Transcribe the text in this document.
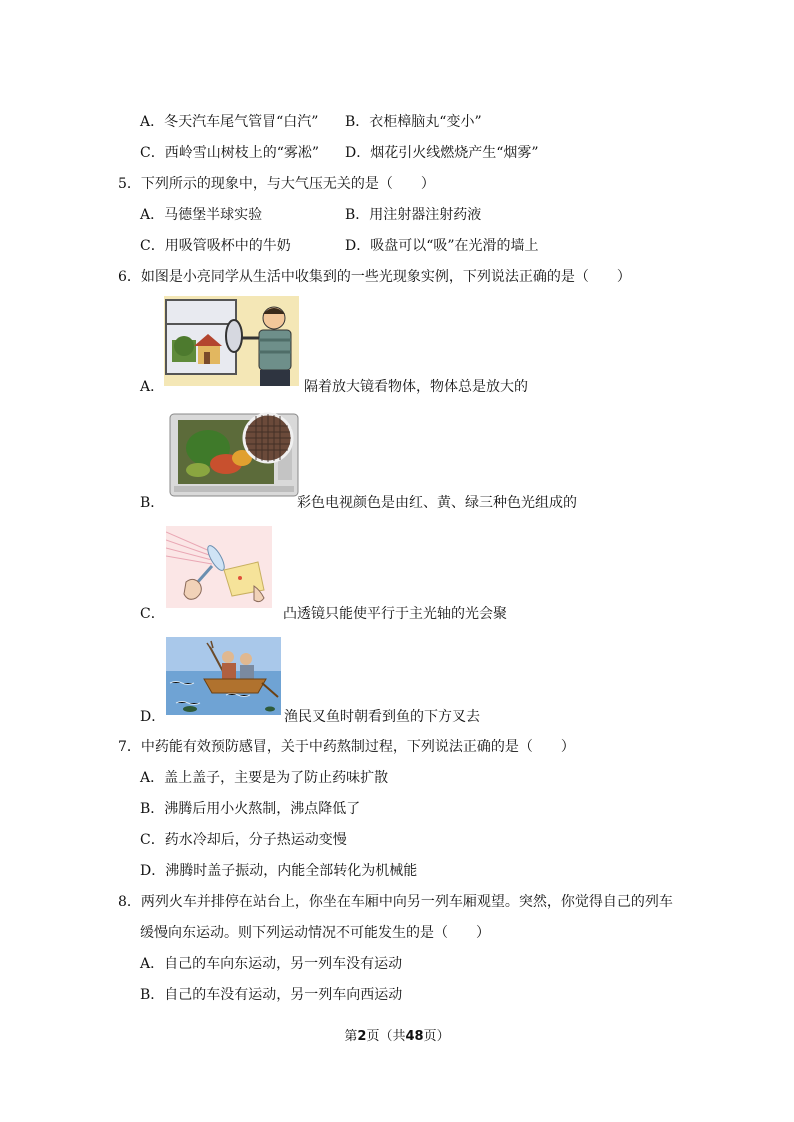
A．冬天汽车尾气管冒“白汽” B．衣柜樟脑丸“变小”
C．西岭雪山树枝上的“雾凇” D．烟花引火线燃烧产生“烟雾”
5．下列所示的现象中，与大气压无关的是（　　）
A．马德堡半球实验	B．用注射器注射药液
C．用吸管吸杯中的牛奶	D．吸盘可以“吸”在光滑的墙上
6．如图是小亮同学从生活中收集到的一些光现象实例，下列说法正确的是（　　）
A．	隔着放大镜看物体，物体总是放大的
B．	彩色电视颜色是由红、黄、绿三种色光组成的
C．	凸透镜只能使平行于主光轴的光会聚
D．	渔民叉鱼时朝看到鱼的下方叉去
7．中药能有效预防感冒，关于中药熬制过程，下列说法正确的是（　　）
A．盖上盖子，主要是为了防止药味扩散
B．沸腾后用小火熬制，沸点降低了
C．药水冷却后，分子热运动变慢
D．沸腾时盖子振动，内能全部转化为机械能
8．两列火车并排停在站台上，你坐在车厢中向另一列车厢观望。突然，你觉得自己的列车
缓慢向东运动。则下列运动情况不可能发生的是（　　）
A．自己的车向东运动，另一列车没有运动
B．自己的车没有运动，另一列车向西运动
第2页（共48页）
